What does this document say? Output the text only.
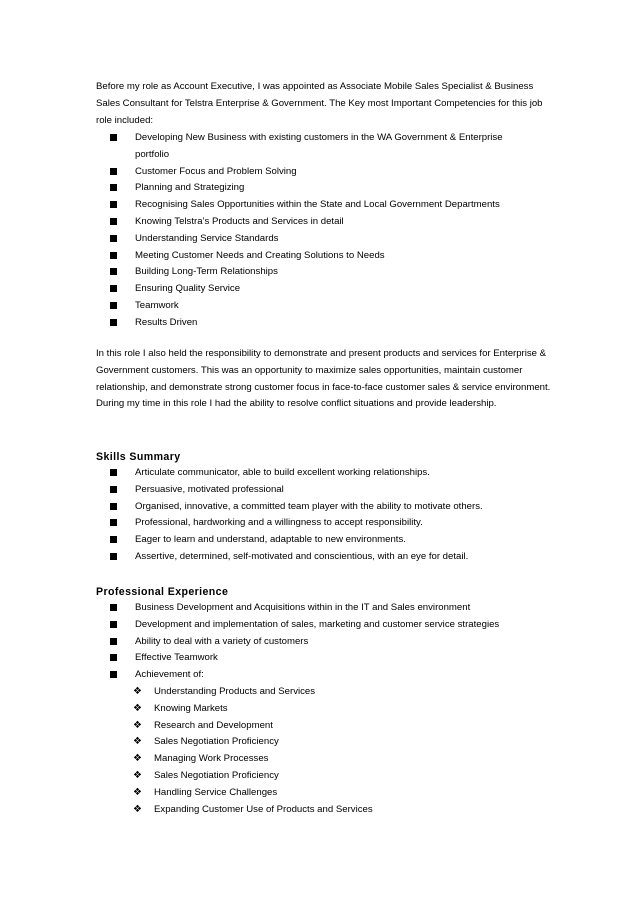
Before my role as Account Executive, I was appointed as Associate Mobile Sales Specialist & Business Sales Consultant for Telstra Enterprise & Government. The Key most Important Competencies for this job role included:

Developing New Business with existing customers in the WA Government & Enterprise portfolio
Customer Focus and Problem Solving
Planning and Strategizing
Recognising Sales Opportunities within the State and Local Government Departments
Knowing Telstra’s Products and Services in detail
Understanding Service Standards
Meeting Customer Needs and Creating Solutions to Needs
Building Long-Term Relationships
Ensuring Quality Service
Teamwork
Results Driven

In this role I also held the responsibility to demonstrate and present products and services for Enterprise & Government customers. This was an opportunity to maximize sales opportunities, maintain customer relationship, and demonstrate strong customer focus in face-to-face customer sales & service environment. During my time in this role I had the ability to resolve conflict situations and provide leadership.

Skills Summary
Articulate communicator, able to build excellent working relationships.
Persuasive, motivated professional
Organised, innovative, a committed team player with the ability to motivate others.
Professional, hardworking and a willingness to accept responsibility.
Eager to learn and understand, adaptable to new environments.
Assertive, determined, self-motivated and conscientious, with an eye for detail.
Professional Experience
Business Development and Acquisitions within in the IT and Sales environment
Development and implementation of sales, marketing and customer service strategies
Ability to deal with a variety of customers
Effective Teamwork
Achievement of:
❖ Understanding Products and Services
❖ Knowing Markets
❖ Research and Development
❖ Sales Negotiation Proficiency
❖ Managing Work Processes
❖ Sales Negotiation Proficiency
❖ Handling Service Challenges
❖ Expanding Customer Use of Products and Services
